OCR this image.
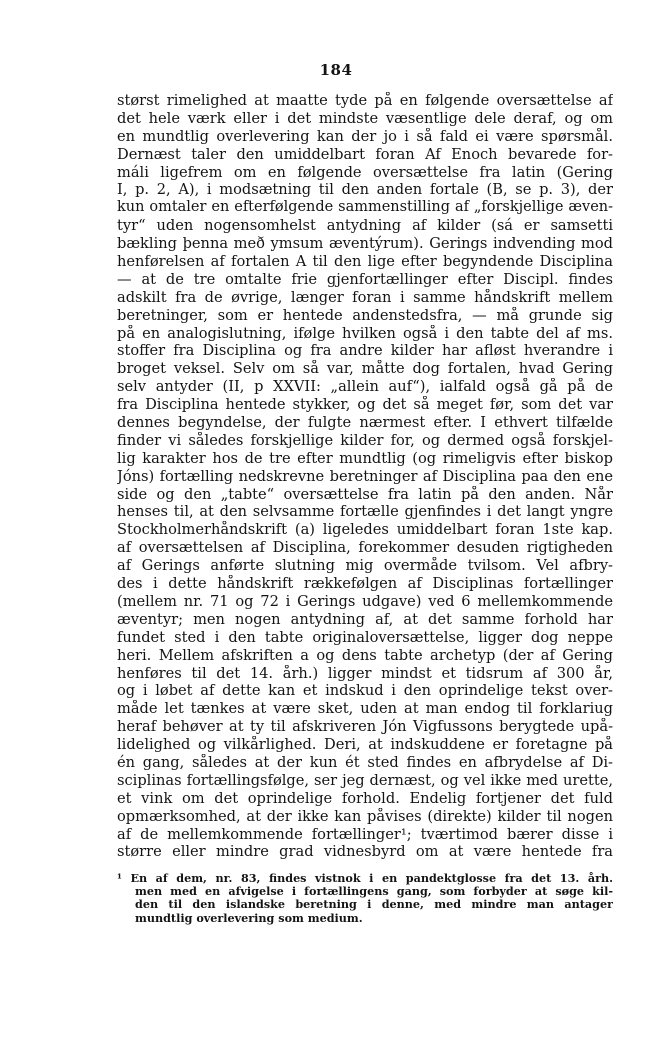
184
størst rimelighed at maatte tyde på en følgende oversættelse af
det hele værk eller i det mindste væsentlige dele deraf, og om
en mundtlig overlevering kan der jo i så fald ei være spørsmål.
Dernæst taler den umiddelbart foran Af Enoch bevarede for-
máli ligefrem om en følgende oversættelse fra latin (Gering
I, p. 2, A), i modsætning til den anden fortale (B, se p. 3), der
kun omtaler en efterfølgende sammenstilling af „forskjellige æven-
tyr“ uden nogensomhelst antydning af kilder (sá er samsetti
bækling þenna með ymsum æventýrum). Gerings indvending mod
henførelsen af fortalen A til den lige efter begyndende Disciplina
— at de tre omtalte frie gjenfortællinger efter Discipl. findes
adskilt fra de øvrige, længer foran i samme håndskrift mellem
beretninger, som er hentede andenstedsfra, — må grunde sig
på en analogislutning, ifølge hvilken også i den tabte del af ms.
stoffer fra Disciplina og fra andre kilder har afløst hverandre i
broget veksel. Selv om så var, måtte dog fortalen, hvad Gering
selv antyder (II, p XXVII: „allein auf“), ialfald også gå på de
fra Disciplina hentede stykker, og det så meget før, som det var
dennes begyndelse, der fulgte nærmest efter. I ethvert tilfælde
finder vi således forskjellige kilder for, og dermed også forskjel-
lig karakter hos de tre efter mundtlig (og rimeligvis efter biskop
Jóns) fortælling nedskrevne beretninger af Disciplina paa den ene
side og den „tabte“ oversættelse fra latin på den anden. Når
henses til, at den selvsamme fortælle gjenfindes i det langt yngre
Stockholmerhåndskrift (a) ligeledes umiddelbart foran 1ste kap.
af oversættelsen af Disciplina, forekommer desuden rigtigheden
af Gerings anførte slutning mig overmåde tvilsom. Vel afbry-
des i dette håndskrift rækkefølgen af Disciplinas fortællinger
(mellem nr. 71 og 72 i Gerings udgave) ved 6 mellemkommende
æventyr; men nogen antydning af, at det samme forhold har
fundet sted i den tabte originaloversættelse, ligger dog neppe
heri. Mellem afskriften a og dens tabte archetyp (der af Gering
henføres til det 14. årh.) ligger mindst et tidsrum af 300 år,
og i løbet af dette kan et indskud i den oprindelige tekst over-
måde let tænkes at være sket, uden at man endog til forklariug
heraf behøver at ty til afskriveren Jón Vigfussons berygtede upå-
lidelighed og vilkårlighed. Deri, at indskuddene er foretagne på
én gang, således at der kun ét sted findes en afbrydelse af Di-
sciplinas fortællingsfølge, ser jeg dernæst, og vel ikke med urette,
et vink om det oprindelige forhold. Endelig fortjener det fuld
opmærksomhed, at der ikke kan påvises (direkte) kilder til nogen
af de mellemkommende fortællinger¹; tværtimod bærer disse i
større eller mindre grad vidnesbyrd om at være hentede fra
¹ En af dem, nr. 83, findes vistnok i en pandektglosse fra det 13. årh.
men med en afvigelse i fortællingens gang, som forbyder at søge kil-
den til den islandske beretning i denne, med mindre man antager
mundtlig overlevering som medium.
